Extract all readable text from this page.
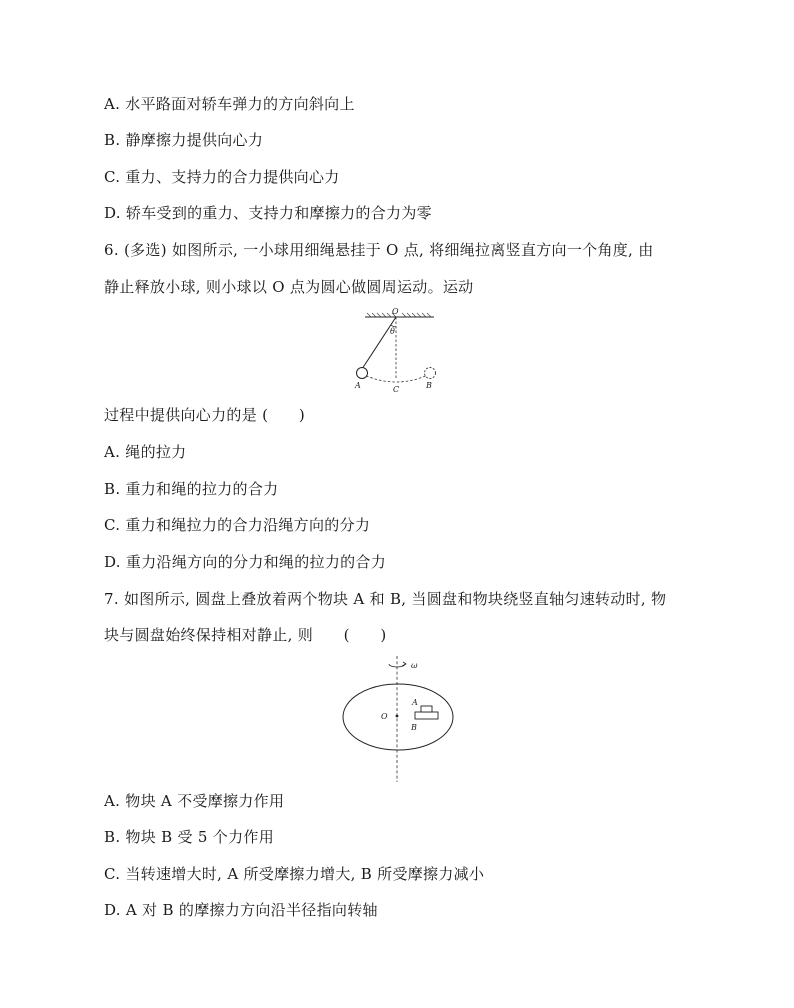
A. 水平路面对轿车弹力的方向斜向上
B. 静摩擦力提供向心力
C. 重力、支持力的合力提供向心力
D. 轿车受到的重力、支持力和摩擦力的合力为零
6. (多选) 如图所示, 一小球用细绳悬挂于 O 点, 将细绳拉离竖直方向一个角度, 由
静止释放小球, 则小球以 O 点为圆心做圆周运动。运动
O
θ
A	B
C
过程中提供向心力的是 (　　)
A. 绳的拉力
B. 重力和绳的拉力的合力
C. 重力和绳拉力的合力沿绳方向的分力
D. 重力沿绳方向的分力和绳的拉力的合力
7. 如图所示, 圆盘上叠放着两个物块 A 和 B, 当圆盘和物块绕竖直轴匀速转动时, 物
块与圆盘始终保持相对静止, 则　　(　　)
ω
O
A
B
A. 物块 A 不受摩擦力作用
B. 物块 B 受 5 个力作用
C. 当转速增大时, A 所受摩擦力增大, B 所受摩擦力减小
D. A 对 B 的摩擦力方向沿半径指向转轴
